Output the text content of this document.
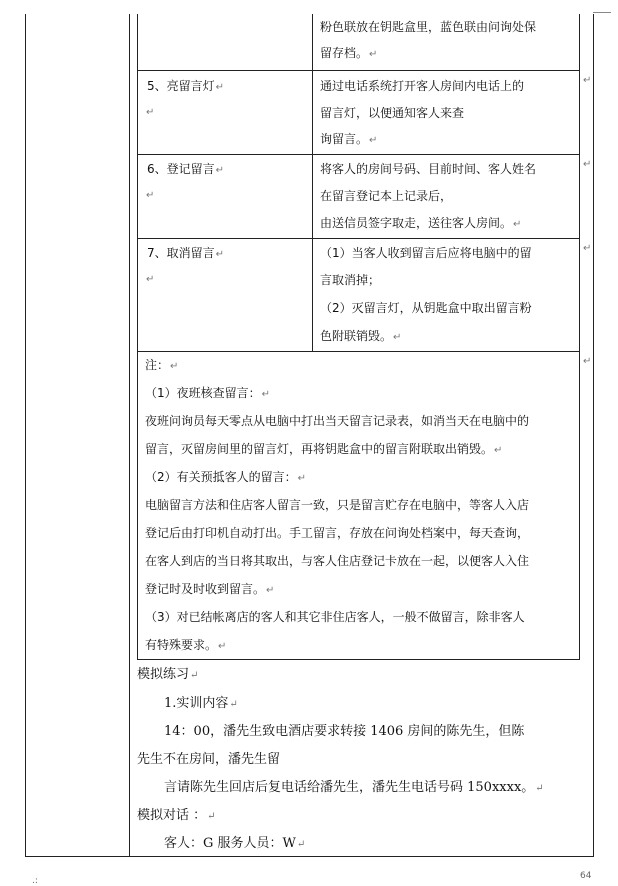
↵
↵
↵
↵
粉色联放在钥匙盒里，蓝色联由问询处保
留存档。↵
5、亮留言灯↵
↵
通过电话系统打开客人房间内电话上的
留言灯，以便通知客人来查
询留言。↵
6、登记留言↵
↵
将客人的房间号码、目前时间、客人姓名
在留言登记本上记录后，
由送信员签字取走，送往客人房间。↵
7、取消留言↵
↵
（1）当客人收到留言后应将电脑中的留
言取消掉；
（2）灭留言灯，从钥匙盒中取出留言粉
色附联销毁。↵
注：↵
（1）夜班核查留言：↵
夜班问询员每天零点从电脑中打出当天留言记录表，如消当天在电脑中的
留言，灭留房间里的留言灯，再将钥匙盒中的留言附联取出销毁。↵
（2）有关预抵客人的留言：↵
电脑留言方法和住店客人留言一致，只是留言贮存在电脑中，等客人入店
登记后由打印机自动打出。手工留言，存放在问询处档案中，每天查询，
在客人到店的当日将其取出，与客人住店登记卡放在一起，以便客人入住
登记时及时收到留言。↵
（3）对已结帐离店的客人和其它非住店客人，一般不做留言，除非客人
有特殊要求。↵
模拟练习↵
1.实训内容↵
14：00，潘先生致电酒店要求转接 1406 房间的陈先生，但陈
先生不在房间，潘先生留
言请陈先生回店后复电话给潘先生，潘先生电话号码 150xxxx。↵
模拟对话 ：↵
客人：G 服务人员：W↵
.:	64
